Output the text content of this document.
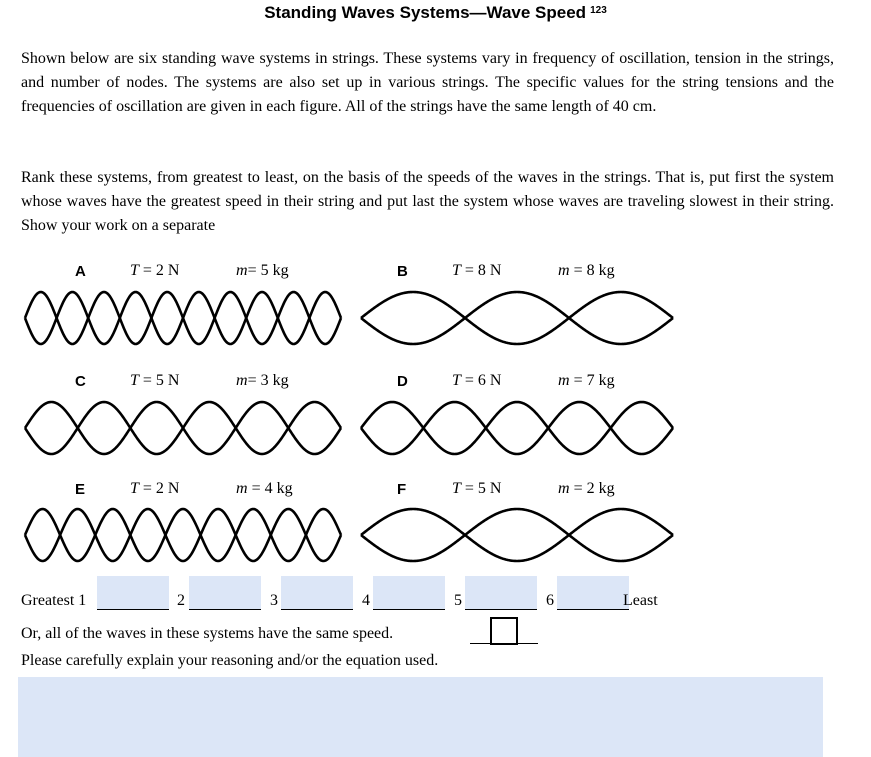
Standing Waves Systems—Wave Speed $^{123}$

Shown below are six standing wave systems in strings. These systems vary in frequency of oscillation, tension in the strings, and number of nodes. The systems are also set up in various strings. The specific values for the string tensions and the frequencies of oscillation are given in each figure. All of the strings have the same length of 40 cm.

Rank these systems, from greatest to least, on the basis of the speeds of the waves in the strings. That is, put first the system whose waves have the greatest speed in their string and put last the system whose waves are traveling slowest in their string. Show your work on a separate

A	T = 2 N	m= 5 kg	B	T = 8 N	m = 8 kg
C	T = 5 N	m= 3 kg	D	T = 6 N	m = 7 kg
E	T = 2 N	m = 4 kg	F	T = 5 N	m = 2 kg
Greatest 1	2	3	4	5	6	Least
Or, all of the waves in these systems have the same speed.
Please carefully explain your reasoning and/or the equation used.
